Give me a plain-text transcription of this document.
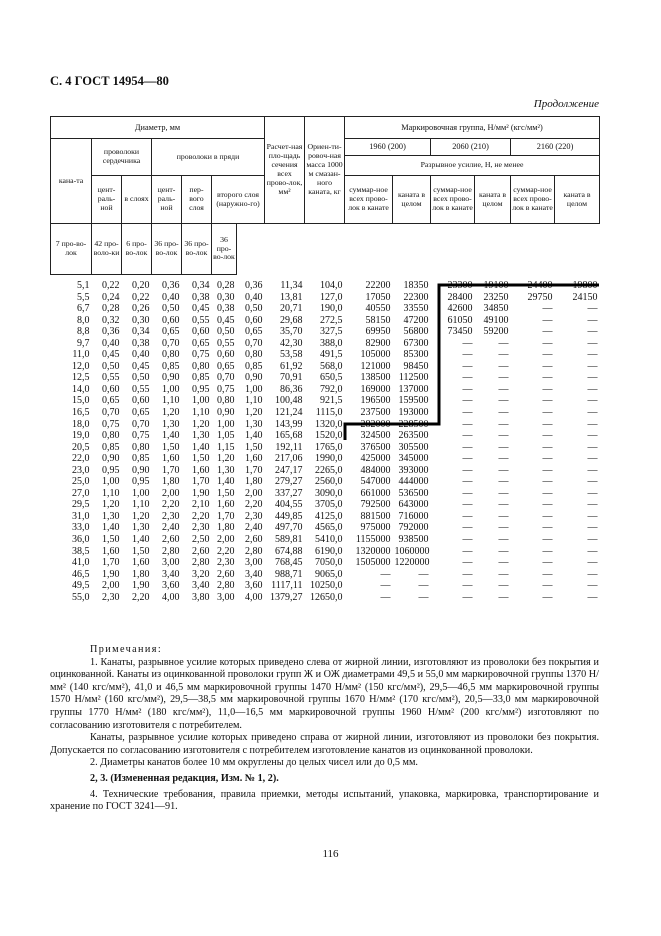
С. 4 ГОСТ 14954—80
Продолжение
Диаметр, мм							Расчет-ная пло-щадь сечения всех прово-лок, мм²	Ориен-ти-ровоч-ная масса 1000 м смазан-ного каната, кг	Маркировочная группа, Н/мм² (кгс/мм²)					
кана-та	проволоки сердечника		проволоки в пряди						1960 (200)		2060 (210)		2160 (220)	
									Разрывное усилие, Н, не менее					
	цент-раль-ной	в слоях	цент-раль-ной	пер-вого слоя	второго слоя (наружно-го)				суммар-ное всех прово-лок в канате	каната в целом	суммар-ное всех прово-лок в канате	каната в целом	суммар-ное всех прово-лок в канате	каната в целом
7 про-во-лок	42 про-воло-ки	6 про-во-лок	36 про-во-лок	36 про-во-лок	36 про-во-лок									
5,1	0,22	0,20	0,36	0,34	0,28	0,36	11,34	104,0	22200	18350	23300	19100	24400	19800
5,5	0,24	0,22	0,40	0,38	0,30	0,40	13,81	127,0	17050	22300	28400	23250	29750	24150
6,7	0,28	0,26	0,50	0,45	0,38	0,50	20,71	190,0	40550	33550	42600	34850	—	—
8,0	0,32	0,30	0,60	0,55	0,45	0,60	29,68	272,5	58150	47200	61050	49100	—	—
8,8	0,36	0,34	0,65	0,60	0,50	0,65	35,70	327,5	69950	56800	73450	59200	—	—
9,7	0,40	0,38	0,70	0,65	0,55	0,70	42,30	388,0	82900	67300	—	—	—	—
11,0	0,45	0,40	0,80	0,75	0,60	0,80	53,58	491,5	105000	85300	—	—	—	—
12,0	0,50	0,45	0,85	0,80	0,65	0,85	61,92	568,0	121000	98450	—	—	—	—
12,5	0,55	0,50	0,90	0,85	0,70	0,90	70,91	650,5	138500	112500	—	—	—	—
14,0	0,60	0,55	1,00	0,95	0,75	1,00	86,36	792,0	169000	137000	—	—	—	—
15,0	0,65	0,60	1,10	1,00	0,80	1,10	100,48	921,5	196500	159500	—	—	—	—
16,5	0,70	0,65	1,20	1,10	0,90	1,20	121,24	1115,0	237500	193000	—	—	—	—
18,0	0,75	0,70	1,30	1,20	1,00	1,30	143,99	1320,0	282000	228500	—	—	—	—
19,0	0,80	0,75	1,40	1,30	1,05	1,40	165,68	1520,0	324500	263500	—	—	—	—
20,5	0,85	0,80	1,50	1,40	1,15	1,50	192,11	1765,0	376500	305500	—	—	—	—
22,0	0,90	0,85	1,60	1,50	1,20	1,60	217,06	1990,0	425000	345000	—	—	—	—
23,0	0,95	0,90	1,70	1,60	1,30	1,70	247,17	2265,0	484000	393000	—	—	—	—
25,0	1,00	0,95	1,80	1,70	1,40	1,80	279,27	2560,0	547000	444000	—	—	—	—
27,0	1,10	1,00	2,00	1,90	1,50	2,00	337,27	3090,0	661000	536500	—	—	—	—
29,5	1,20	1,10	2,20	2,10	1,60	2,20	404,55	3705,0	792500	643000	—	—	—	—
31,0	1,30	1,20	2,30	2,20	1,70	2,30	449,85	4125,0	881500	716000	—	—	—	—
33,0	1,40	1,30	2,40	2,30	1,80	2,40	497,70	4565,0	975000	792000	—	—	—	—
36,0	1,50	1,40	2,60	2,50	2,00	2,60	589,81	5410,0	1155000	938500	—	—	—	—
38,5	1,60	1,50	2,80	2,60	2,20	2,80	674,88	6190,0	1320000	1060000	—	—	—	—
41,0	1,70	1,60	3,00	2,80	2,30	3,00	768,45	7050,0	1505000	1220000	—	—	—	—
46,5	1,90	1,80	3,40	3,20	2,60	3,40	988,71	9065,0	—	—	—	—	—	—
49,5	2,00	1,90	3,60	3,40	2,80	3,60	1117,11	10250,0	—	—	—	—	—	—
55,0	2,30	2,20	4,00	3,80	3,00	4,00	1379,27	12650,0	—	—	—	—	—	—

Примечания:

1. Канаты, разрывное усилие которых приведено слева от жирной линии, изготовляют из проволоки без покрытия и оцинкованной. Канаты из оцинкованной проволоки групп Ж и ОЖ диаметрами 49,5 и 55,0 мм маркировочной группы 1370 Н/мм² (140 кгс/мм²), 41,0 и 46,5 мм маркировочной группы 1470 Н/мм² (150 кгс/мм²), 29,5—46,5 мм маркировочной группы 1570 Н/мм² (160 кгс/мм²), 29,5—38,5 мм маркировочной группы 1670 Н/мм² (170 кгс/мм²), 20,5—33,0 мм маркировочной группы 1770 Н/мм² (180 кгс/мм²), 11,0—16,5 мм маркировочной группы 1960 Н/мм² (200 кгс/мм²) изготовляют по согласованию изготовителя с потребителем.

Канаты, разрывное усилие которых приведено справа от жирной линии, изготовляют из проволоки без покрытия. Допускается по согласованию изготовителя с потребителем изготовление канатов из оцинкованной проволоки.

2. Диаметры канатов более 10 мм округлены до целых чисел или до 0,5 мм.

2, 3. (Измененная редакция, Изм. № 1, 2).

4. Технические требования, правила приемки, методы испытаний, упаковка, маркировка, транспортирование и хранение по ГОСТ 3241—91.

116
